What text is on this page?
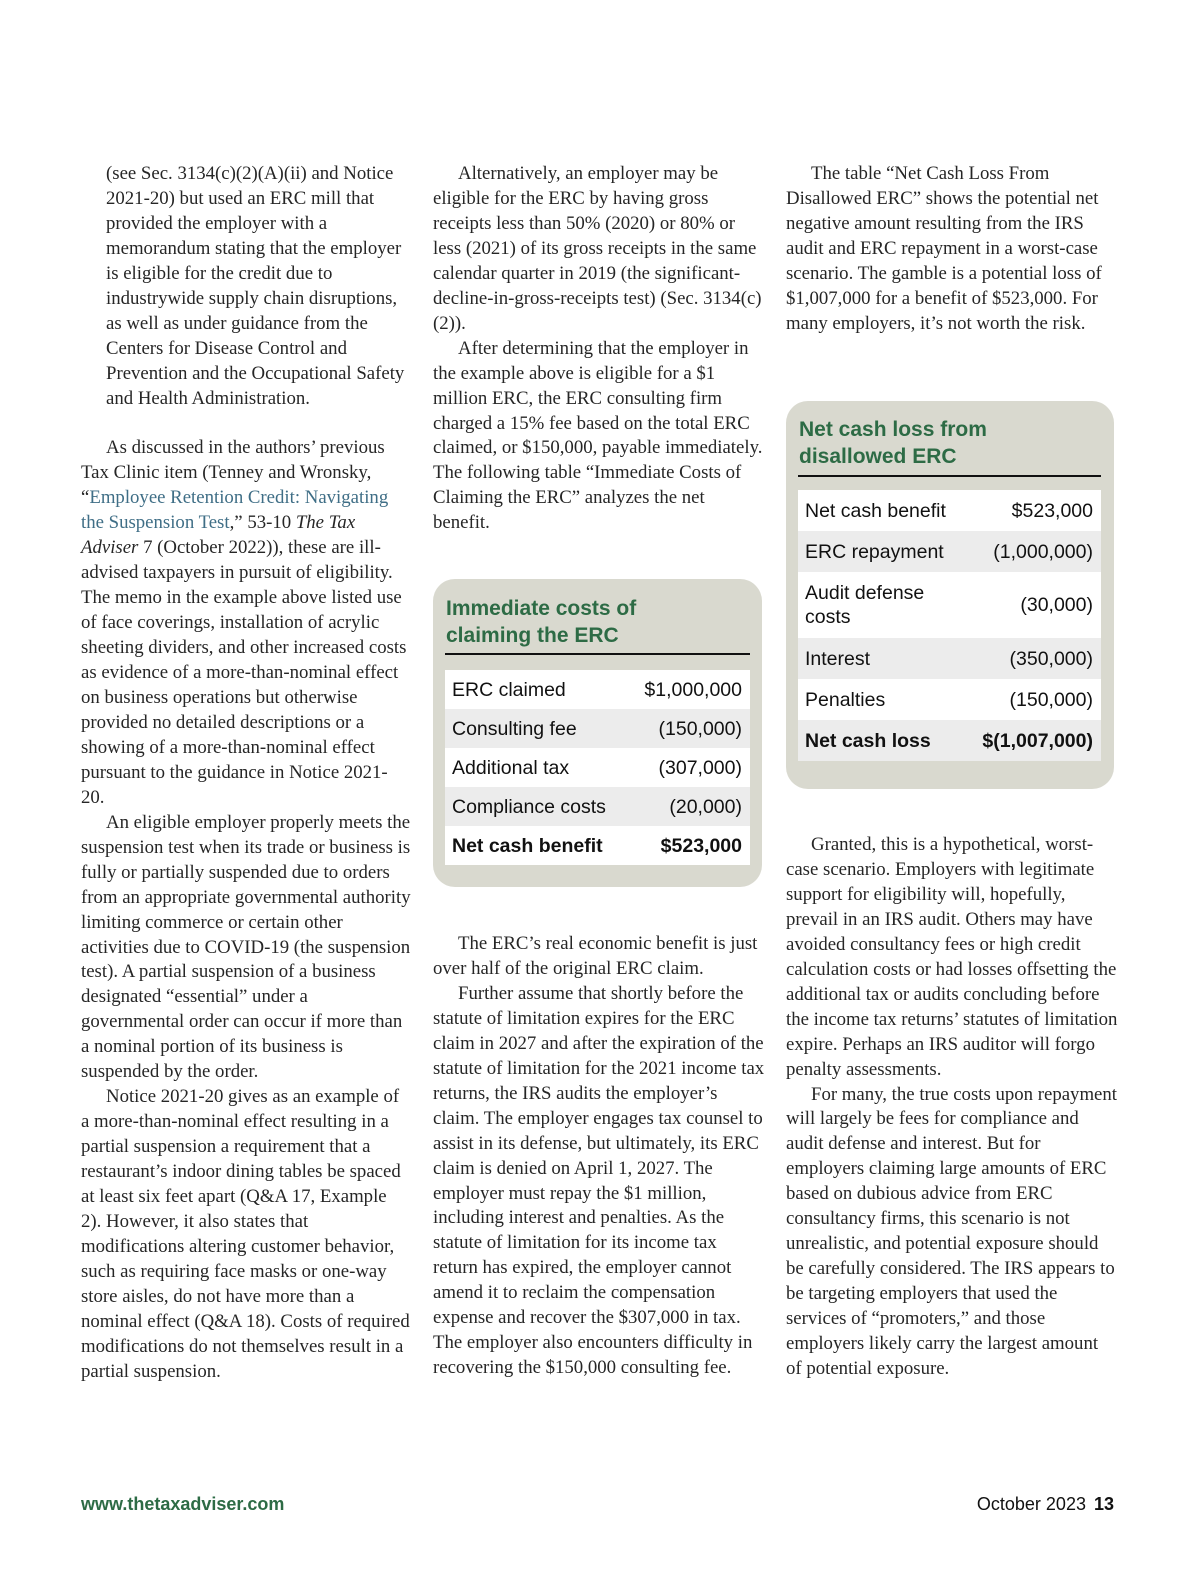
(see Sec. 3134(c)(2)(A)(ii) and Notice 2021-20) but used an ERC mill that provided the employer with a memorandum stating that the employer is eligible for the credit due to industrywide supply chain disruptions, as well as under guidance from the Centers for Disease Control and Prevention and the Occupational Safety and Health Administration.

As discussed in the authors’ previous Tax Clinic item (Tenney and Wronsky, “Employee Retention Credit: Navigating the Suspension Test,” 53-10 The Tax Adviser 7 (October 2022)), these are ill-advised taxpayers in pursuit of eligibility. The memo in the example above listed use of face coverings, installation of acrylic sheeting dividers, and other increased costs as evidence of a more-than-nominal effect on business operations but otherwise provided no detailed descriptions or a showing of a more-than-nominal effect pursuant to the guidance in Notice 2021-20.

An eligible employer properly meets the suspension test when its trade or business is fully or partially suspended due to orders from an appropriate governmental authority limiting commerce or certain other activities due to COVID-19 (the suspension test). A partial suspension of a business designated “essential” under a governmental order can occur if more than a nominal portion of its business is suspended by the order.

Notice 2021-20 gives as an example of a more-than-nominal effect resulting in a partial suspension a requirement that a restaurant’s indoor dining tables be spaced at least six feet apart (Q&A 17, Example 2). However, it also states that modifications altering customer behavior, such as requiring face masks or one-way store aisles, do not have more than a nominal effect (Q&A 18). Costs of required modifications do not themselves result in a partial suspension.

Alternatively, an employer may be eligible for the ERC by having gross receipts less than 50% (2020) or 80% or less (2021) of its gross receipts in the same calendar quarter in 2019 (the significant-decline-in-gross-receipts test) (Sec. 3134(c)(2)).

After determining that the employer in the example above is eligible for a $1 million ERC, the ERC consulting firm charged a 15% fee based on the total ERC claimed, or $150,000, payable immediately. The following table “Immediate Costs of Claiming the ERC” analyzes the net benefit.

The ERC’s real economic benefit is just over half of the original ERC claim.

Further assume that shortly before the statute of limitation expires for the ERC claim in 2027 and after the expiration of the statute of limitation for the 2021 income tax returns, the IRS audits the employer’s claim. The employer engages tax counsel to assist in its defense, but ultimately, its ERC claim is denied on April 1, 2027. The employer must repay the $1 million, including interest and penalties. As the statute of limitation for its income tax return has expired, the employer cannot amend it to reclaim the compensation expense and recover the $307,000 in tax. The employer also encounters difficulty in recovering the $150,000 consulting fee.

The table “Net Cash Loss From Disallowed ERC” shows the potential net negative amount resulting from the IRS audit and ERC repayment in a worst-case scenario. The gamble is a potential loss of $1,007,000 for a benefit of $523,000. For many employers, it’s not worth the risk.

Granted, this is a hypothetical, worst-case scenario. Employers with legitimate support for eligibility will, hopefully, prevail in an IRS audit. Others may have avoided consultancy fees or high credit calculation costs or had losses offsetting the additional tax or audits concluding before the income tax returns’ statutes of limitation expire. Perhaps an IRS auditor will forgo penalty assessments.

For many, the true costs upon repayment will largely be fees for compliance and audit defense and interest. But for employers claiming large amounts of ERC based on dubious advice from ERC consultancy firms, this scenario is not unrealistic, and potential exposure should be carefully considered. The IRS appears to be targeting employers that used the services of “promoters,” and those employers likely carry the largest amount of potential exposure.

Immediate costs of
claiming the ERC
ERC claimed	$1,000,000
Consulting fee	(150,000)
Additional tax	(307,000)
Compliance costs	(20,000)
Net cash benefit	$523,000
Net cash loss from
disallowed ERC
Net cash benefit	$523,000
ERC repayment	(1,000,000)
Audit defense costs
(30,000)
Interest	(350,000)
Penalties	(150,000)
Net cash loss	$(1,007,000)
www.thetaxadviser.com	October 2023 13
